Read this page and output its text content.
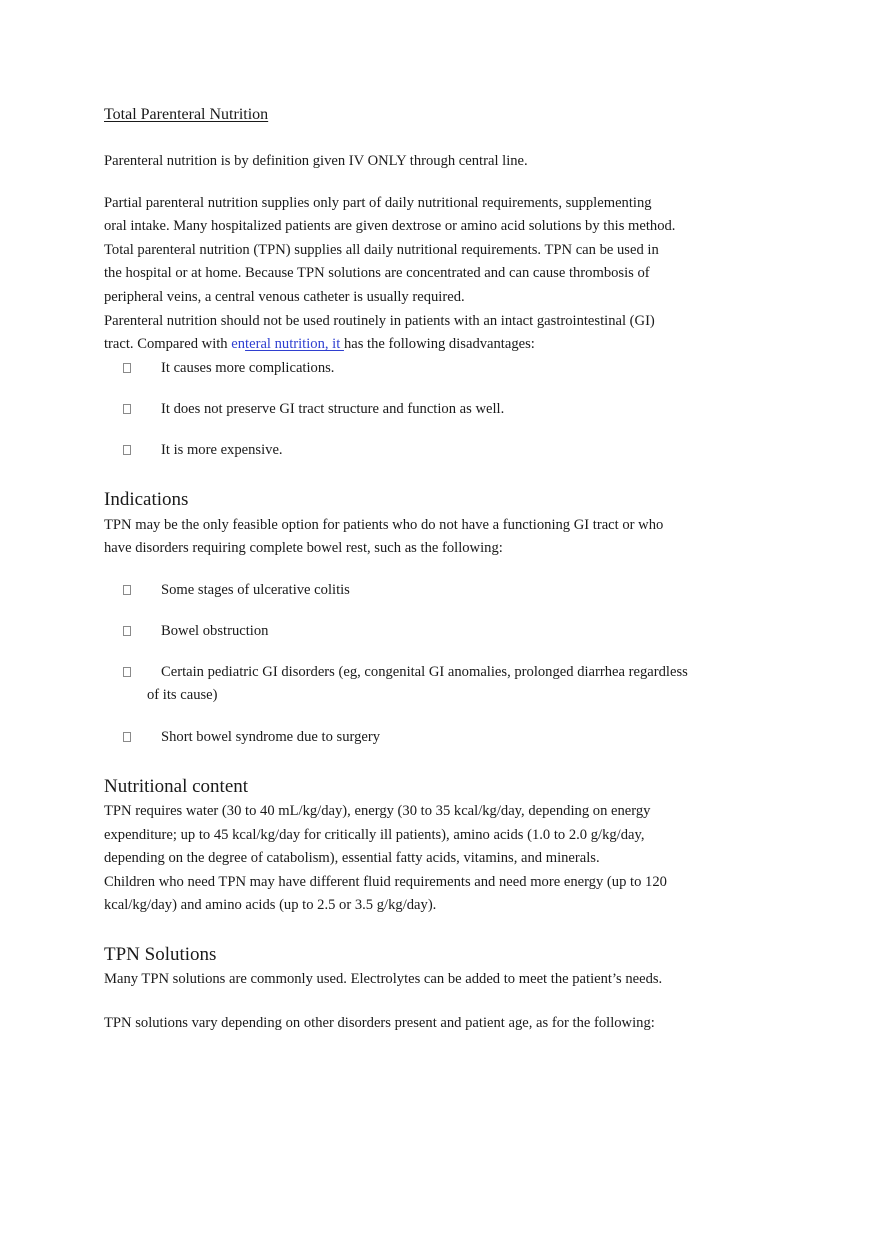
Total Parenteral Nutrition

Parenteral nutrition is by definition given IV ONLY through central line.

Partial parenteral nutrition supplies only part of daily nutritional requirements, supplementing
oral intake. Many hospitalized patients are given dextrose or amino acid solutions by this method.
Total parenteral nutrition (TPN) supplies all daily nutritional requirements. TPN can be used in
the hospital or at home. Because TPN solutions are concentrated and can cause thrombosis of
peripheral veins, a central venous catheter is usually required.
Parenteral nutrition should not be used routinely in patients with an intact gastrointestinal (GI)
tract. Compared with enteral nutrition, it has the following disadvantages:
It causes more complications.
It does not preserve GI tract structure and function as well.
It is more expensive.
Indications
TPN may be the only feasible option for patients who do not have a functioning GI tract or who
have disorders requiring complete bowel rest, such as the following:
Some stages of ulcerative colitis
Bowel obstruction
Certain pediatric GI disorders (eg, congenital GI anomalies, prolonged diarrhea regardless
of its cause)
Short bowel syndrome due to surgery
Nutritional content
TPN requires water (30 to 40 mL/kg/day), energy (30 to 35 kcal/kg/day, depending on energy
expenditure; up to 45 kcal/kg/day for critically ill patients), amino acids (1.0 to 2.0 g/kg/day,
depending on the degree of catabolism), essential fatty acids, vitamins, and minerals.
Children who need TPN may have different fluid requirements and need more energy (up to 120
kcal/kg/day) and amino acids (up to 2.5 or 3.5 g/kg/day).
TPN Solutions

Many TPN solutions are commonly used. Electrolytes can be added to meet the patient’s needs.

TPN solutions vary depending on other disorders present and patient age, as for the following:
